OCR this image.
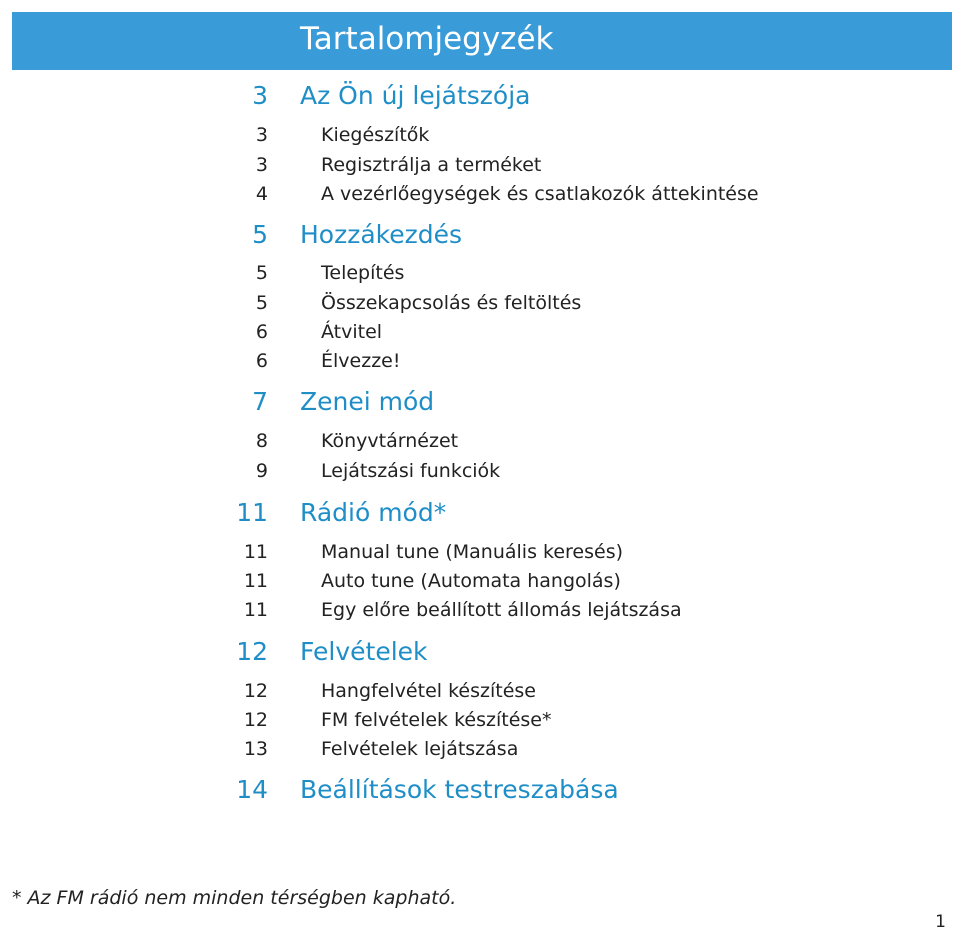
Tartalomjegyzék
3 Az Ön új lejátszója
3	Kiegészítők
3	Regisztrálja a terméket
4	A vezérlőegységek és csatlakozók áttekintése
5 Hozzákezdés
5	Telepítés
5	Összekapcsolás és feltöltés
6	Átvitel
6	Élvezze!
7 Zenei mód
8	Könyvtárnézet
9	Lejátszási funkciók
11 Rádió mód*
11	Manual tune (Manuális keresés)
11	Auto tune (Automata hangolás)
11	Egy előre beállított állomás lejátszása
12 Felvételek
12	Hangfelvétel készítése
12	FM felvételek készítése*
13	Felvételek lejátszása
14 Beállítások testreszabása
* Az FM rádió nem minden térségben kapható.
1
